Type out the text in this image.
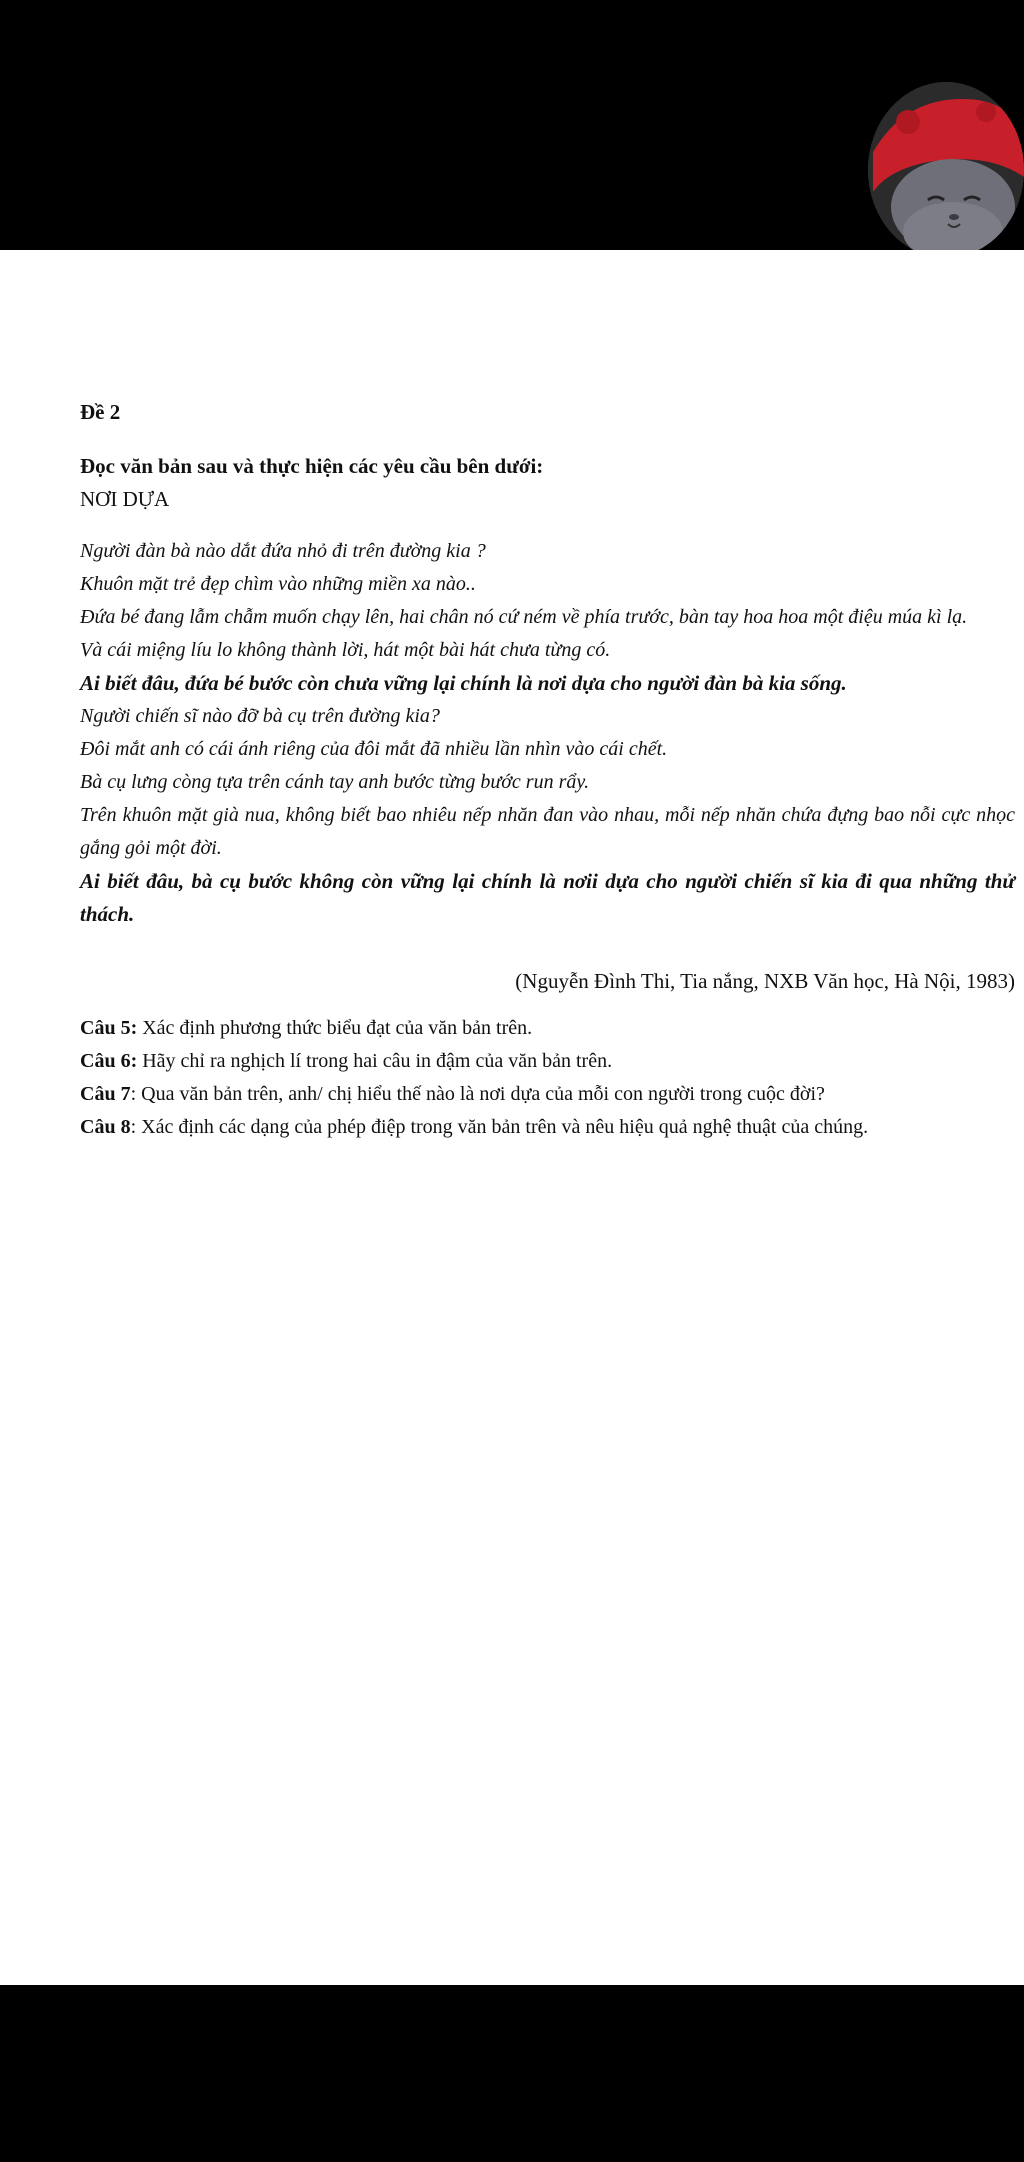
Đề 2
Đọc văn bản sau và thực hiện các yêu cầu bên dưới:
NƠI DỰA
Người đàn bà nào dắt đứa nhỏ đi trên đường kia ?
Khuôn mặt trẻ đẹp chìm vào những miền xa nào..
Đứa bé đang lẫm chẫm muốn chạy lên, hai chân nó cứ ném về phía trước, bàn tay hoa hoa một điệu múa kì lạ.
Và cái miệng líu lo không thành lời, hát một bài hát chưa từng có.
Ai biết đâu, đứa bé bước còn chưa vững lại chính là nơi dựa cho người đàn bà kia sống.
Người chiến sĩ nào đỡ bà cụ trên đường kia?
Đôi mắt anh có cái ánh riêng của đôi mắt đã nhiều lần nhìn vào cái chết.
Bà cụ lưng còng tựa trên cánh tay anh bước từng bước run rẩy.
Trên khuôn mặt già nua, không biết bao nhiêu nếp nhăn đan vào nhau, mỗi nếp nhăn chứa đựng bao nỗi cực nhọc gắng gỏi một đời.
Ai biết đâu, bà cụ bước không còn vững lại chính là nơii dựa cho người chiến sĩ kia đi qua những thử thách.
(Nguyễn Đình Thi, Tia nắng, NXB Văn học, Hà Nội, 1983)
Câu 5: Xác định phương thức biểu đạt của văn bản trên.
Câu 6: Hãy chỉ ra nghịch lí trong hai câu in đậm của văn bản trên.
Câu 7: Qua văn bản trên, anh/ chị hiểu thế nào là nơi dựa của mỗi con người trong cuộc đời?
Câu 8: Xác định các dạng của phép điệp trong văn bản trên và nêu hiệu quả nghệ thuật của chúng.
